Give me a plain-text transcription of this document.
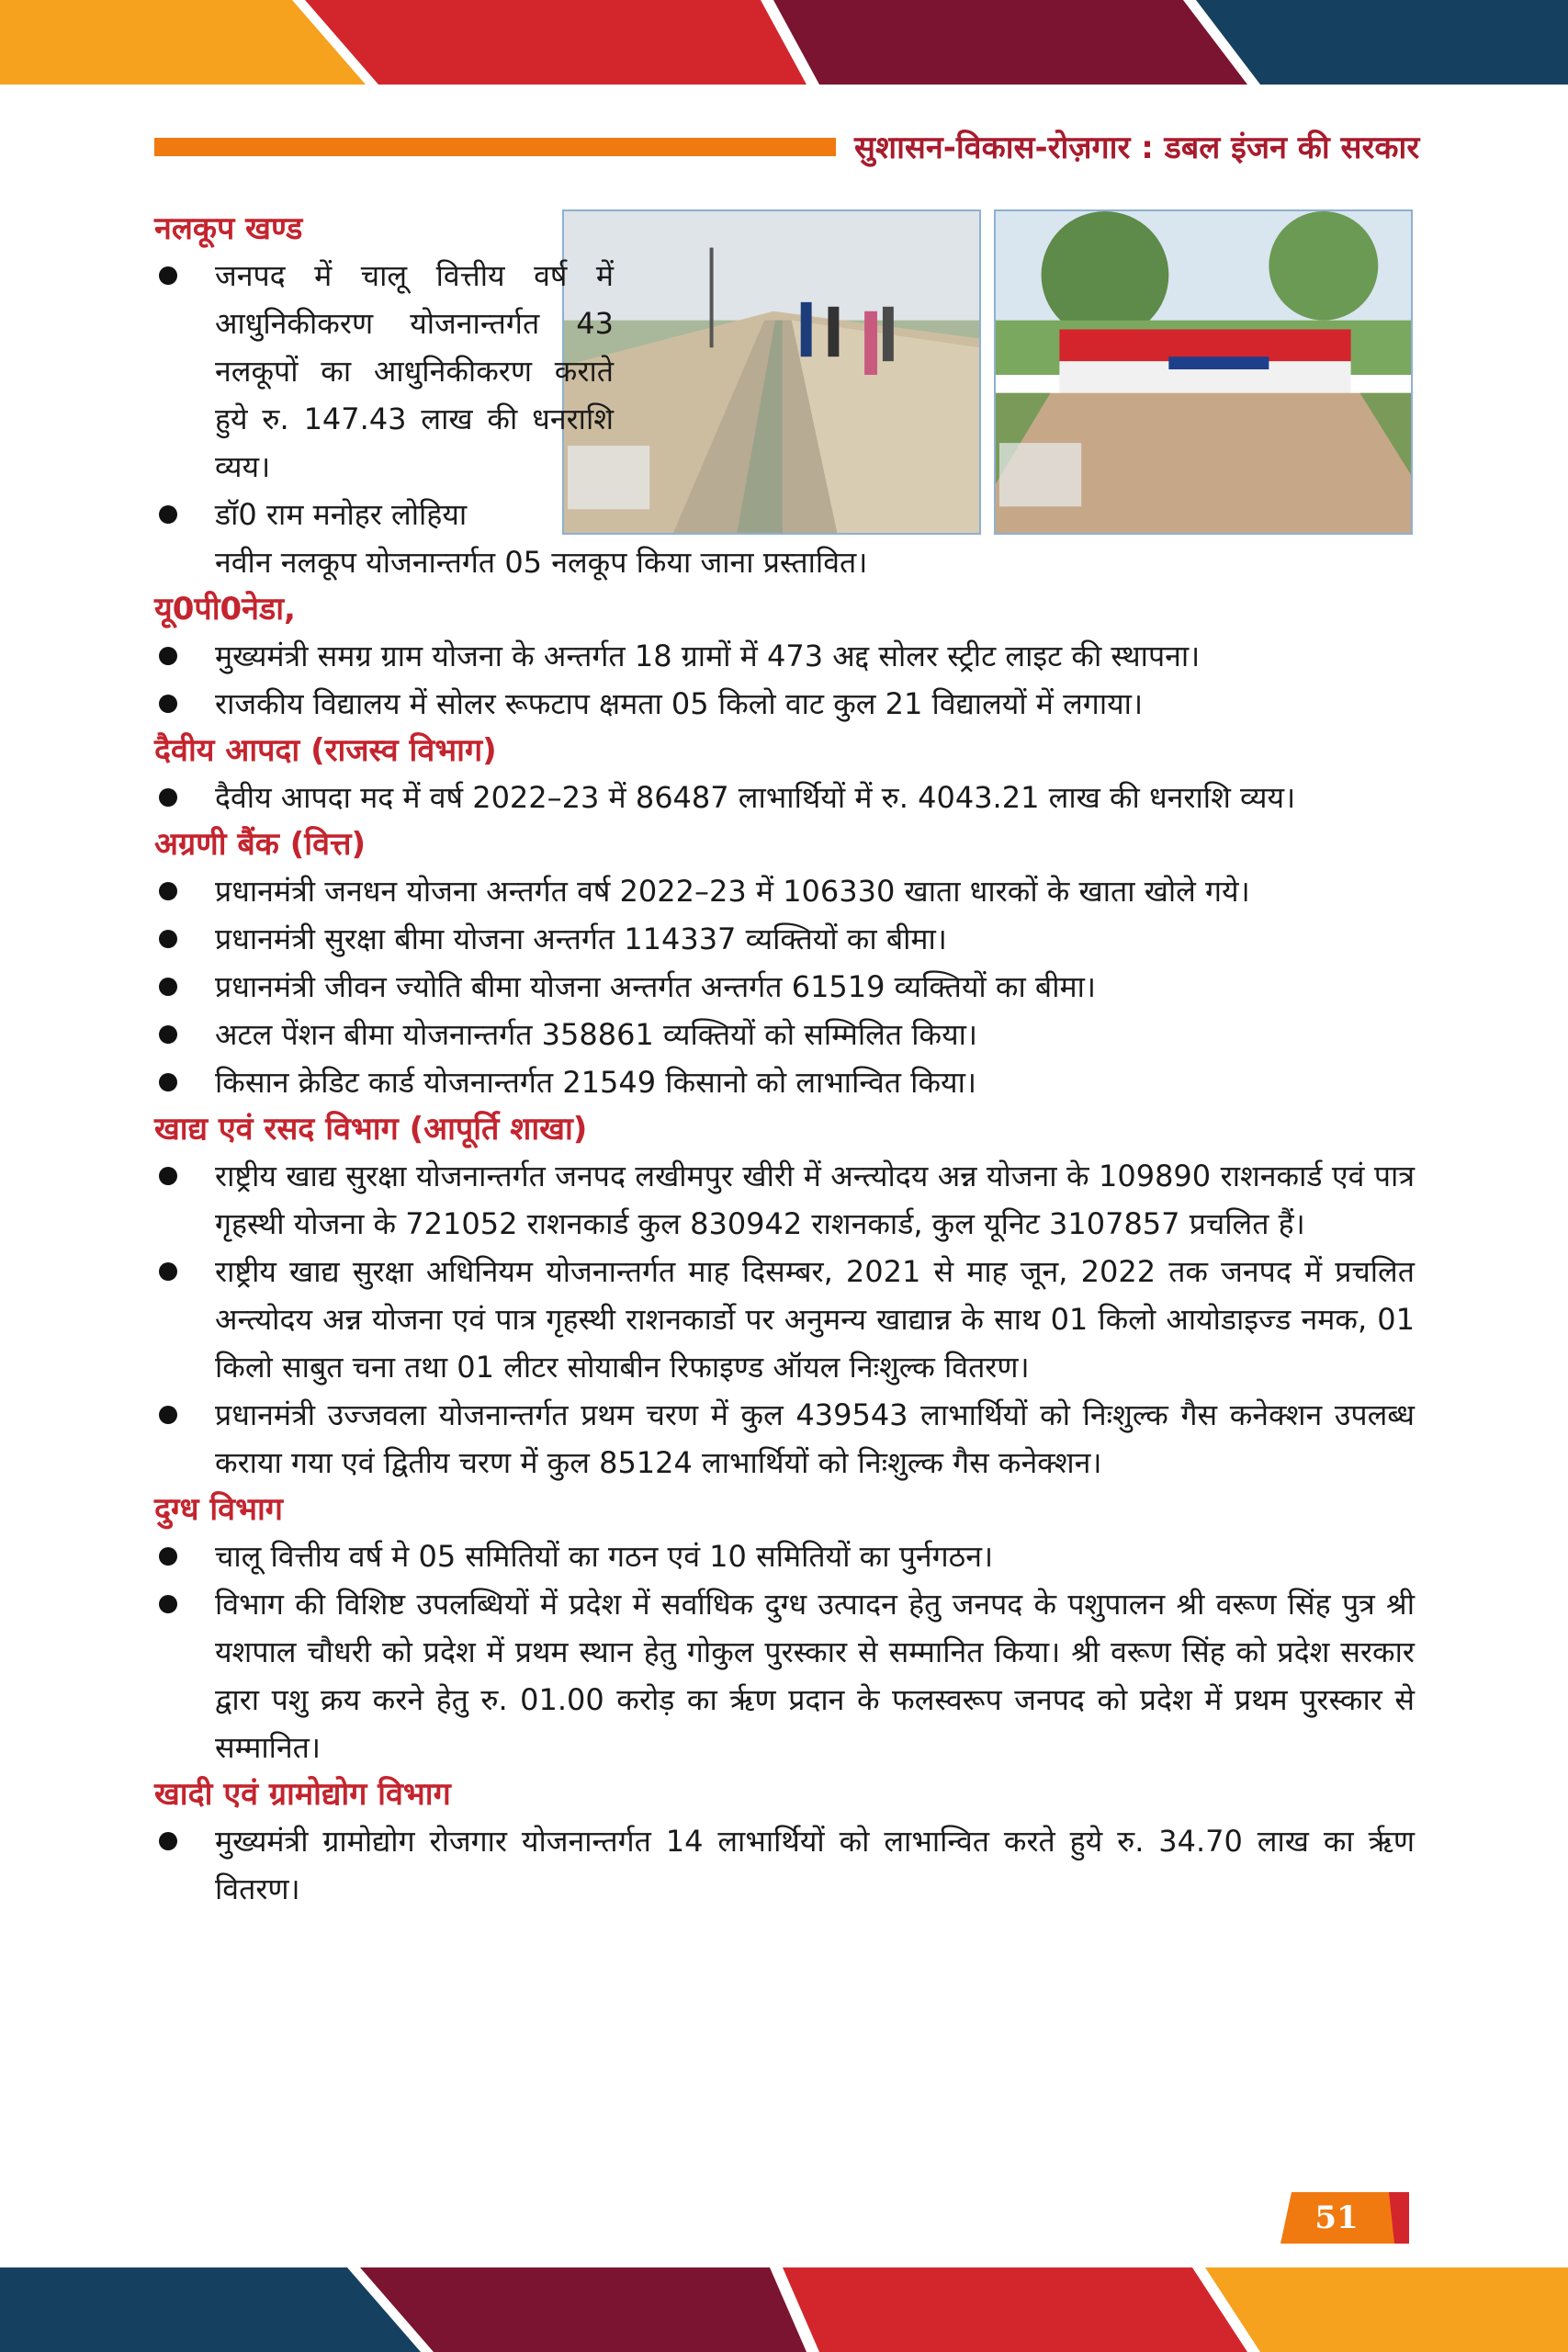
सुशासन-विकास-रोज़गार : डबल इंजन की सरकार
नलकूप खण्ड
जनपद में चालू वित्तीय वर्ष में आधुनिकीकरण योजनान्तर्गत 43 नलकूपों का आधुनिकीकरण कराते हुये रु. 147.43 लाख की धनराशि व्यय।
डॉ0 राम मनोहर लोहिया
नवीन नलकूप योजनान्तर्गत 05 नलकूप किया जाना प्रस्तावित।
यू0पी0नेडा,
मुख्यमंत्री समग्र ग्राम योजना के अन्तर्गत 18 ग्रामों में 473 अद्द सोलर स्ट्रीट लाइट की स्थापना।
राजकीय विद्यालय में सोलर रूफटाप क्षमता 05 किलो वाट कुल 21 विद्यालयों में लगाया।
दैवीय आपदा (राजस्व विभाग)
दैवीय आपदा मद में वर्ष 2022–23 में 86487 लाभार्थियों में रु. 4043.21 लाख की धनराशि व्यय।
अग्रणी बैंक (वित्त)
प्रधानमंत्री जनधन योजना अन्तर्गत वर्ष 2022–23 में 106330 खाता धारकों के खाता खोले गये।
प्रधानमंत्री सुरक्षा बीमा योजना अन्तर्गत 114337 व्यक्तियों का बीमा।
प्रधानमंत्री जीवन ज्योति बीमा योजना अन्तर्गत अन्तर्गत 61519 व्यक्तियों का बीमा।
अटल पेंशन बीमा योजनान्तर्गत 358861 व्यक्तियों को सम्मिलित किया।
किसान क्रेडिट कार्ड योजनान्तर्गत 21549 किसानो को लाभान्वित किया।
खाद्य एवं रसद विभाग (आपूर्ति शाखा)
राष्ट्रीय खाद्य सुरक्षा योजनान्तर्गत जनपद लखीमपुर खीरी में अन्त्योदय अन्न योजना के 109890 राशनकार्ड एवं पात्र गृहस्थी योजना के 721052 राशनकार्ड कुल 830942 राशनकार्ड, कुल यूनिट 3107857 प्रचलित हैं।
राष्ट्रीय खाद्य सुरक्षा अधिनियम योजनान्तर्गत माह दिसम्बर, 2021 से माह जून, 2022 तक जनपद में प्रचलित अन्त्योदय अन्न योजना एवं पात्र गृहस्थी राशनकार्डो पर अनुमन्य खाद्यान्न के साथ 01 किलो आयोडाइज्ड नमक, 01 किलो साबुत चना तथा 01 लीटर सोयाबीन रिफाइण्ड ऑयल निःशुल्क वितरण।
प्रधानमंत्री उज्जवला योजनान्तर्गत प्रथम चरण में कुल 439543 लाभार्थियों को निःशुल्क गैस कनेक्शन उपलब्ध कराया गया एवं द्वितीय चरण में कुल 85124 लाभार्थियों को निःशुल्क गैस कनेक्शन।
दुग्ध विभाग
चालू वित्तीय वर्ष मे 05 समितियों का गठन एवं 10 समितियों का पुर्नगठन।
विभाग की विशिष्ट उपलब्धियों में प्रदेश में सर्वाधिक दुग्ध उत्पादन हेतु जनपद के पशुपालन श्री वरूण सिंह पुत्र श्री यशपाल चौधरी को प्रदेश में प्रथम स्थान हेतु गोकुल पुरस्कार से सम्मानित किया। श्री वरूण सिंह को प्रदेश सरकार द्वारा पशु क्रय करने हेतु रु. 01.00 करोड़ का ऋृण प्रदान के फलस्वरूप जनपद को प्रदेश में प्रथम पुरस्कार से सम्मानित।
खादी एवं ग्रामोद्योग विभाग
मुख्यमंत्री ग्रामोद्योग रोजगार योजनान्तर्गत 14 लाभार्थियों को लाभान्वित करते हुये रु. 34.70 लाख का ऋृण वितरण।
51
